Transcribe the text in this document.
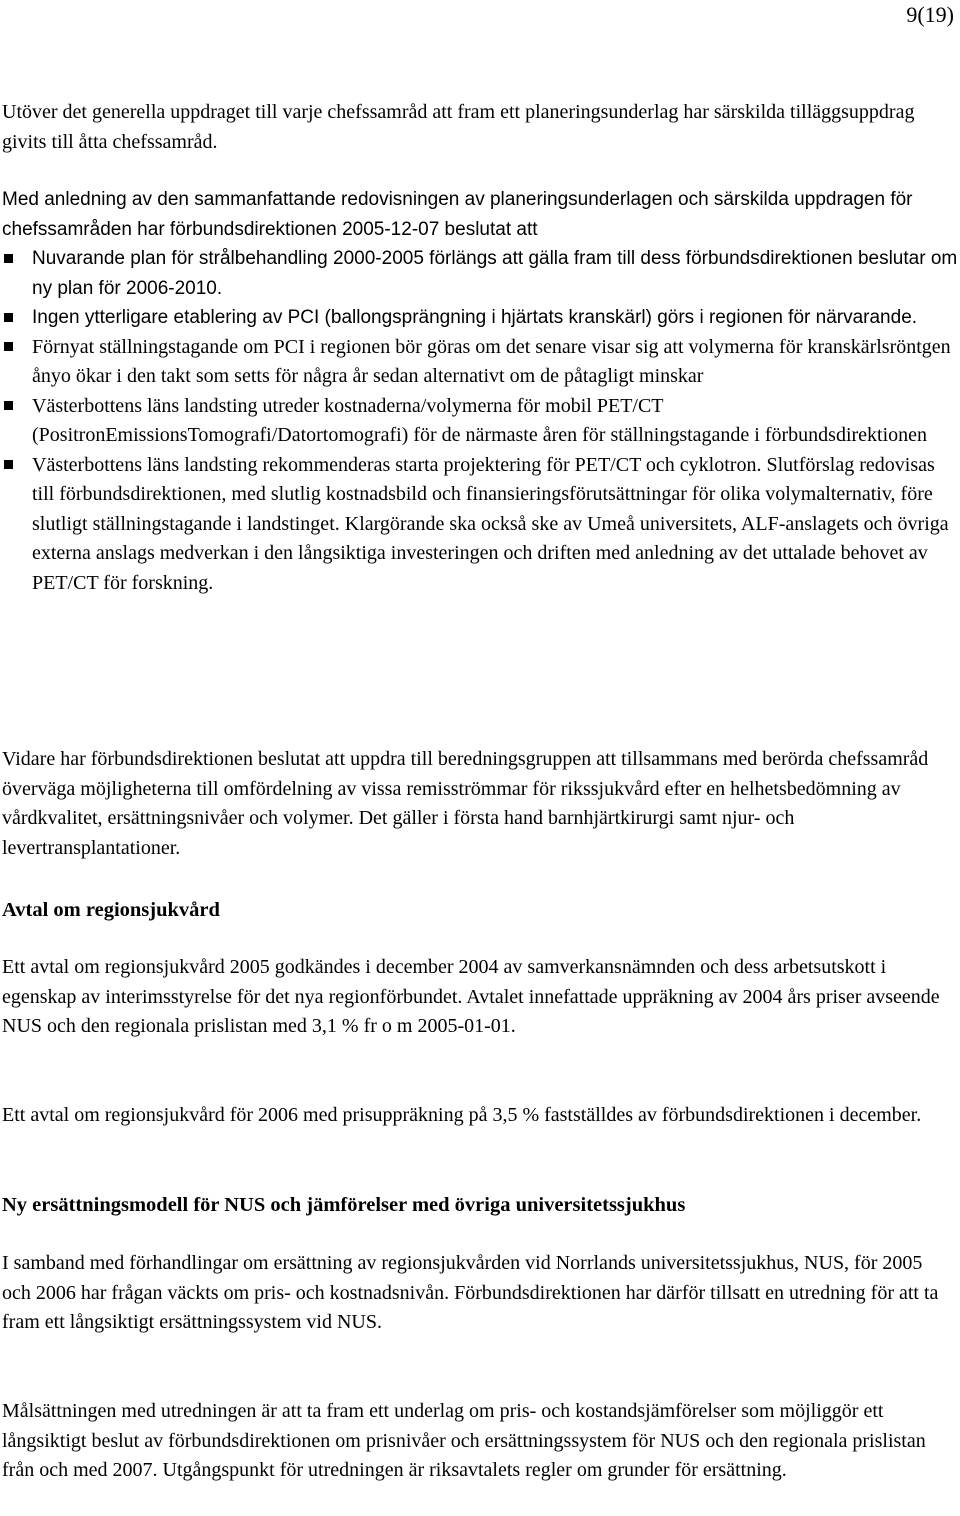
9(19)

Utöver det generella uppdraget till varje chefssamråd att fram ett planeringsunderlag har särskilda tilläggsuppdrag givits till åtta chefssamråd.

Med anledning av den sammanfattande redovisningen av planeringsunderlagen och särskilda uppdragen för chefssamråden har förbundsdirektionen 2005-12-07 beslutat att

Nuvarande plan för strålbehandling 2000-2005 förlängs att gälla fram till dess förbundsdirektionen beslutar om ny plan för 2006-2010.
Ingen ytterligare etablering av PCI (ballongsprängning i hjärtats kranskärl) görs i regionen för närvarande.
Förnyat ställningstagande om PCI i regionen bör göras om det senare visar sig att volymerna för kranskärlsröntgen ånyo ökar i den takt som setts för några år sedan alternativt om de påtagligt minskar
Västerbottens läns landsting utreder kostnaderna/volymerna för mobil PET/CT (PositronEmissionsTomografi/Datortomografi) för de närmaste åren för ställningstagande i förbundsdirektionen
Västerbottens läns landsting rekommenderas starta projektering för PET/CT och cyklotron. Slutförslag redovisas till förbundsdirektionen, med slutlig kostnadsbild och finansieringsförutsättningar för olika volymalternativ, före slutligt ställningstagande i landstinget. Klargörande ska också ske av Umeå universitets, ALF-anslagets och övriga externa anslags medverkan i den långsiktiga investeringen och driften med anledning av det uttalade behovet av PET/CT för forskning.

Vidare har förbundsdirektionen beslutat att uppdra till beredningsgruppen att tillsammans med berörda chefssamråd överväga möjligheterna till omfördelning av vissa remisströmmar för rikssjukvård efter en helhetsbedömning av vårdkvalitet, ersättningsnivåer och volymer. Det gäller i första hand barnhjärtkirurgi samt njur- och levertransplantationer.

Avtal om regionsjukvård

Ett avtal om regionsjukvård 2005 godkändes i december 2004 av samverkansnämnden och dess arbetsutskott i egenskap av interimsstyrelse för det nya regionförbundet. Avtalet innefattade uppräkning av 2004 års priser avseende NUS och den regionala prislistan med 3,1 % fr o m 2005-01-01.

Ett avtal om regionsjukvård för 2006 med prisuppräkning på 3,5 % fastställdes av förbundsdirektionen i december.

Ny ersättningsmodell för NUS och jämförelser med övriga universitetssjukhus

I samband med förhandlingar om ersättning av regionsjukvården vid Norrlands universitetssjukhus, NUS, för 2005 och 2006 har frågan väckts om pris- och kostnadsnivån. Förbundsdirektionen har därför tillsatt en utredning för att ta fram ett långsiktigt ersättningssystem vid NUS.

Målsättningen med utredningen är att ta fram ett underlag om pris- och kostandsjämförelser som möjliggör ett långsiktigt beslut av förbundsdirektionen om prisnivåer och ersättningssystem för NUS och den regionala prislistan från och med 2007. Utgångspunkt för utredningen är riksavtalets regler om grunder för ersättning.
